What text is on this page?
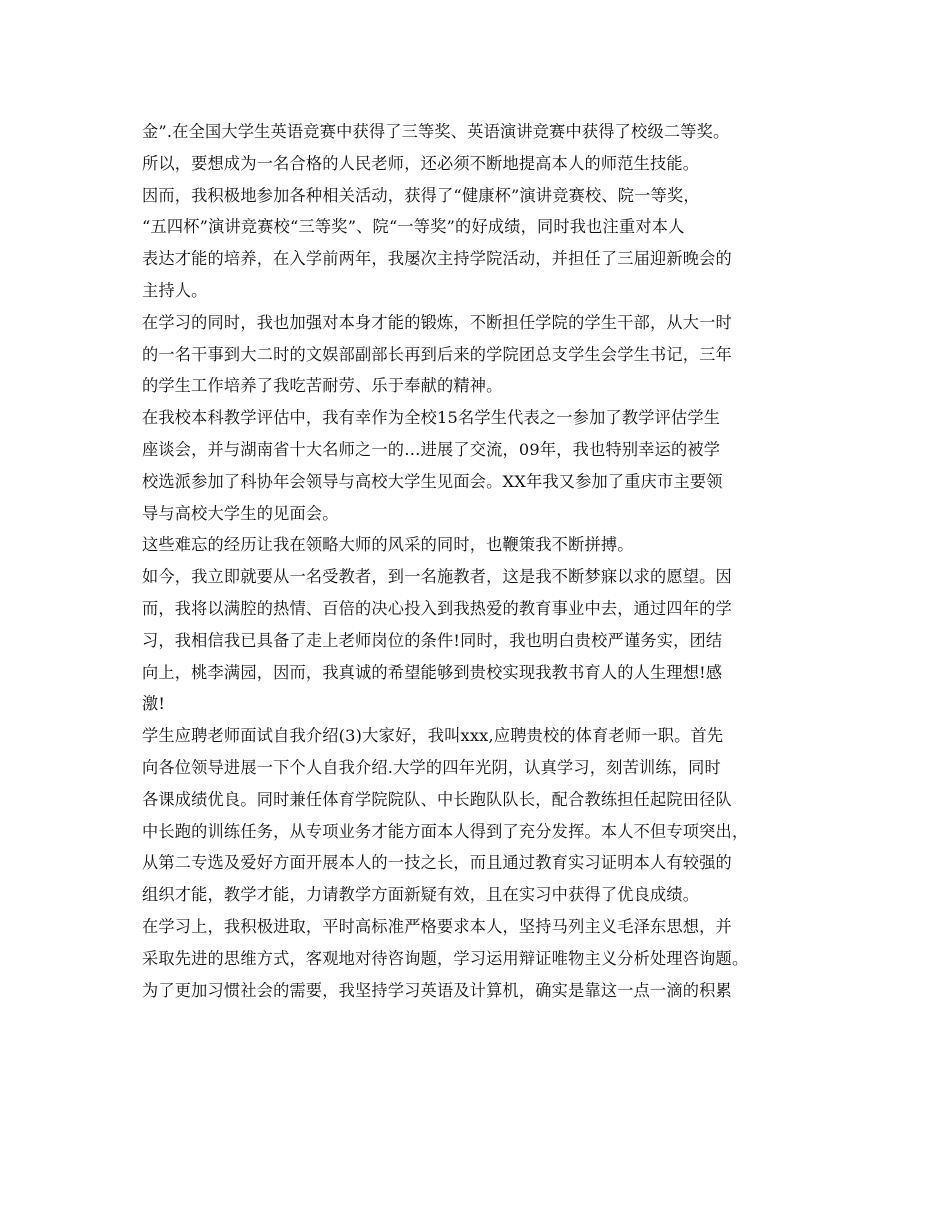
金”.在全国大学生英语竞赛中获得了三等奖、英语演讲竞赛中获得了校级二等奖。
所以，要想成为一名合格的人民老师，还必须不断地提高本人的师范生技能。
因而，我积极地参加各种相关活动，获得了“健康杯”演讲竞赛校、院一等奖，
“五四杯”演讲竞赛校“三等奖”、院“一等奖”的好成绩，同时我也注重对本人
表达才能的培养，在入学前两年，我屡次主持学院活动，并担任了三届迎新晚会的
主持人。
在学习的同时，我也加强对本身才能的锻炼，不断担任学院的学生干部，从大一时
的一名干事到大二时的文娱部副部长再到后来的学院团总支学生会学生书记，三年
的学生工作培养了我吃苦耐劳、乐于奉献的精神。
在我校本科教学评估中，我有幸作为全校15名学生代表之一参加了教学评估学生
座谈会，并与湖南省十大名师之一的…进展了交流，09年，我也特别幸运的被学
校选派参加了科协年会领导与高校大学生见面会。XX年我又参加了重庆市主要领
导与高校大学生的见面会。
这些难忘的经历让我在领略大师的风采的同时，也鞭策我不断拼搏。
如今，我立即就要从一名受教者，到一名施教者，这是我不断梦寐以求的愿望。因
而，我将以满腔的热情、百倍的决心投入到我热爱的教育事业中去，通过四年的学
习，我相信我已具备了走上老师岗位的条件!同时，我也明白贵校严谨务实，团结
向上，桃李满园，因而，我真诚的希望能够到贵校实现我教书育人的人生理想!感
激!
学生应聘老师面试自我介绍(3)大家好，我叫xxx,应聘贵校的体育老师一职。首先
向各位领导进展一下个人自我介绍.大学的四年光阴，认真学习，刻苦训练，同时
各课成绩优良。同时兼任体育学院院队、中长跑队队长，配合教练担任起院田径队
中长跑的训练任务，从专项业务才能方面本人得到了充分发挥。本人不但专项突出，
从第二专选及爱好方面开展本人的一技之长，而且通过教育实习证明本人有较强的
组织才能，教学才能，力请教学方面新疑有效，且在实习中获得了优良成绩。
在学习上，我积极进取，平时高标准严格要求本人，坚持马列主义毛泽东思想，并
采取先进的思维方式，客观地对待咨询题，学习运用辩证唯物主义分析处理咨询题。
为了更加习惯社会的需要，我坚持学习英语及计算机，确实是靠这一点一滴的积累
